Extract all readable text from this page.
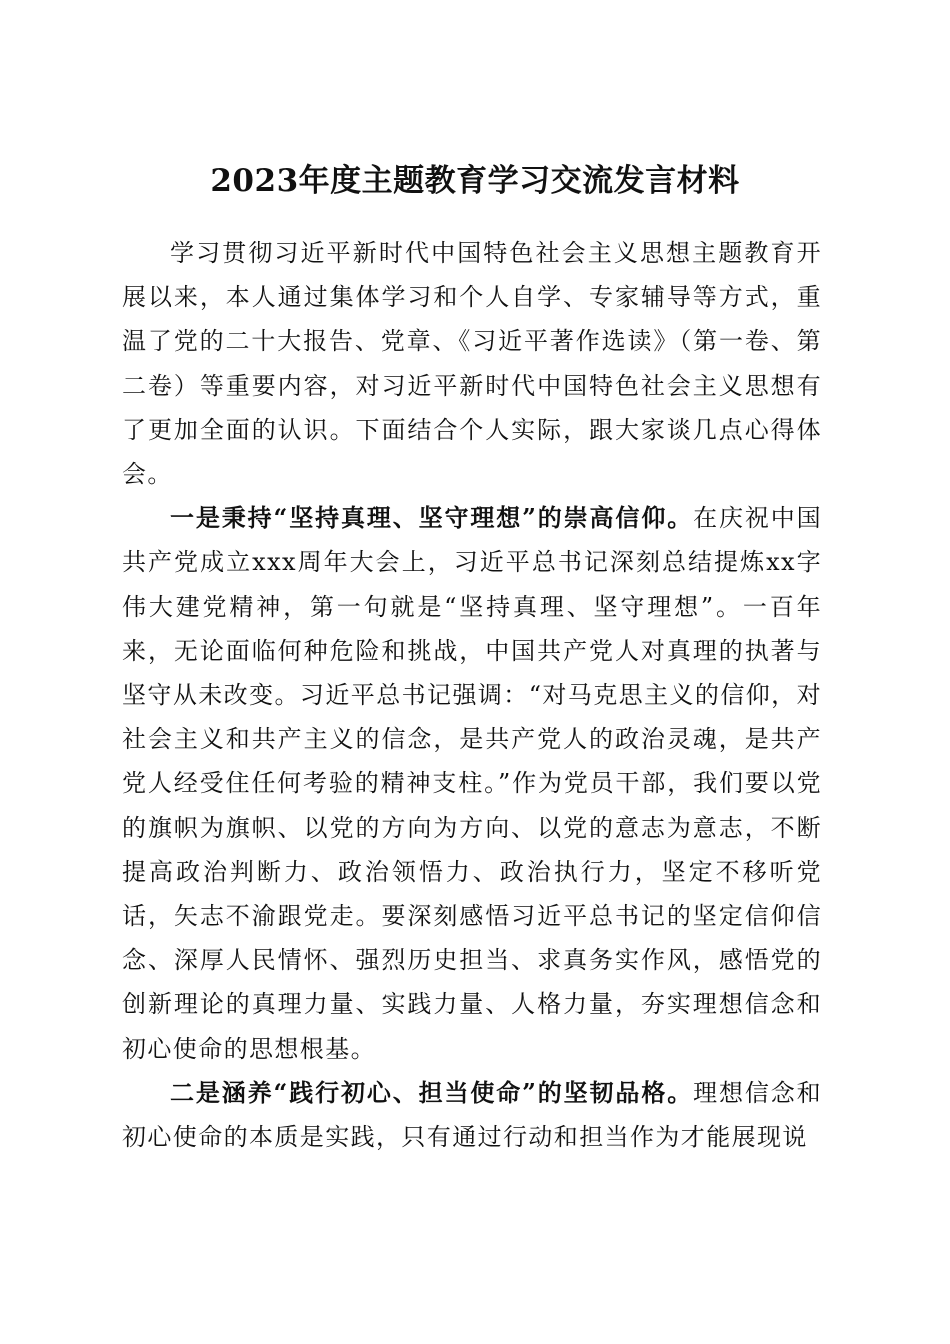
2023年度主题教育学习交流发言材料

学习贯彻习近平新时代中国特色社会主义思想主题教育开展以来，本人通过集体学习和个人自学、专家辅导等方式，重温了党的二十大报告、党章、《习近平著作选读》（第一卷、第二卷）等重要内容，对习近平新时代中国特色社会主义思想有了更加全面的认识。下面结合个人实际，跟大家谈几点心得体会。

一是秉持“坚持真理、坚守理想”的崇高信仰。在庆祝中国共产党成立xxx周年大会上，习近平总书记深刻总结提炼xx字伟大建党精神，第一句就是“坚持真理、坚守理想”。一百年来，无论面临何种危险和挑战，中国共产党人对真理的执著与坚守从未改变。习近平总书记强调：“对马克思主义的信仰，对社会主义和共产主义的信念，是共产党人的政治灵魂，是共产党人经受住任何考验的精神支柱。”作为党员干部，我们要以党的旗帜为旗帜、以党的方向为方向、以党的意志为意志，不断提高政治判断力、政治领悟力、政治执行力，坚定不移听党话，矢志不渝跟党走。要深刻感悟习近平总书记的坚定信仰信念、深厚人民情怀、强烈历史担当、求真务实作风，感悟党的创新理论的真理力量、实践力量、人格力量，夯实理想信念和初心使命的思想根基。

二是涵养“践行初心、担当使命”的坚韧品格。理想信念和初心使命的本质是实践，只有通过行动和担当作为才能展现说
